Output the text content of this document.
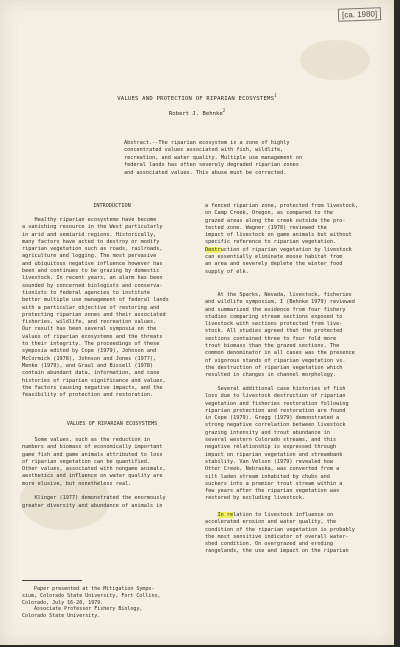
[ca. 1980]
VALUES AND PROTECTION OF RIPARIAN ECOSYSTEMS$^1$
Robert J. Behnke$^2$
Abstract.--The riparian ecosystem is a zone of highly
concentrated values associated with fish, wildlife,
recreation, and water quality. Multiple use management on
federal lands has often severely degraded riparian zones
and associated values. This abuse must be corrected.
INTRODUCTION
Healthy riparian ecosystems have become
a vanishing resource in the West particularly
in arid and semiarid regions. Historically,
many factors have acted to destroy or modify
riparian vegetation such as roads, railroads,
agriculture and logging. The most pervasive
and ubiquitous negative influence however has
been and continues to be grazing by domestic
livestock. In recent years, an alarm has been
sounded by concerned biologists and conserva-
tionists to federal agencies to institute
better multiple use management of federal lands
with a particular objective of restoring and
protecting riparian zones and their associated
fisheries, wildlife, and recreation values.
Our result has been several symposia on the
values of riparian ecosystems and the threats
to their integrity. The proceedings of these
symposia edited by Cope (1979), Johnson and
McCormick (1978), Johnson and Jones (1977),
Menke (1979), and Graul and Bissell (1978)
contain abundant data, information, and case
histories of riparian significance and values,
the factors causing negative impacts, and the
feasibility of protection and restoration.
VALUES OF RIPARIAN ECOSYSTEMS
Some values, such as the reduction in
numbers and biomass of economically important
game fish and game animals attributed to loss
of riparian vegetation can be quantified.
Other values, associated with nongame animals,
aesthetics and influence on water quality are
more elusive, but nonetheless real.

Klinger (1977) demonstrated the enormously
greater diversity and abundance of animals in
Paper presented at the Mitigation Sympo-
sium, Colorado State University, Fort Collins,
Colorado, July 16-20, 1979.
Associate Professor Fishery Biology,
Colorado State University.
a fenced riparian zone, protected from livestock,
on Camp Creek, Oregon, as compared to the
grazed areas along the creek outside the pro-
tected zone. Wagner (1978) reviewed the
impact of livestock on game animals but without
specific reference to riparian vegetation.
Destruction of riparian vegetation by livestock
can essentially eliminate moose habitat from
an area and severely deplete the winter food
supply of elk.
At the Sparks, Nevada, livestock, fisheries
and wildlife symposium, I (Behnke 1979) reviewed
and summarized the evidence from four fishery
studies comparing stream sections exposed to
livestock with sections protected from live-
stock. All studies agreed that the protected
sections contained three to four fold more
trout biomass than the grazed sections. The
common denominator in all cases was the presence
of vigorous stands of riparian vegetation vs.
the destruction of riparian vegetation which
resulted in changes in channel morphology.
Several additional case histories of fish
loss due to livestock destruction of riparian
vegetation and fisheries restoration following
riparian protection and restoration are found
in Cope (1979). Gregg (1979) demonstrated a
strong negative correlation between livestock
grazing intensity and trout abundance in
several western Colorado streams, and this
negative relationship is expressed through
impact on riparian vegetation and streambank
stability. Van Velson (1979) revealed how
Otter Creek, Nebraska, was converted from a
silt laden stream inhabited by chubs and
suckers into a premier trout stream within a
few years after the riparian vegetation was
restored by excluding livestock.
In relation to livestock influence on
accelerated erosion and water quality, the
condition of the riparian vegetation is probably
the most sensitive indicator of overall water-
shed condition. On overgrazed and eroding
rangelands, the use and impact on the riparian
